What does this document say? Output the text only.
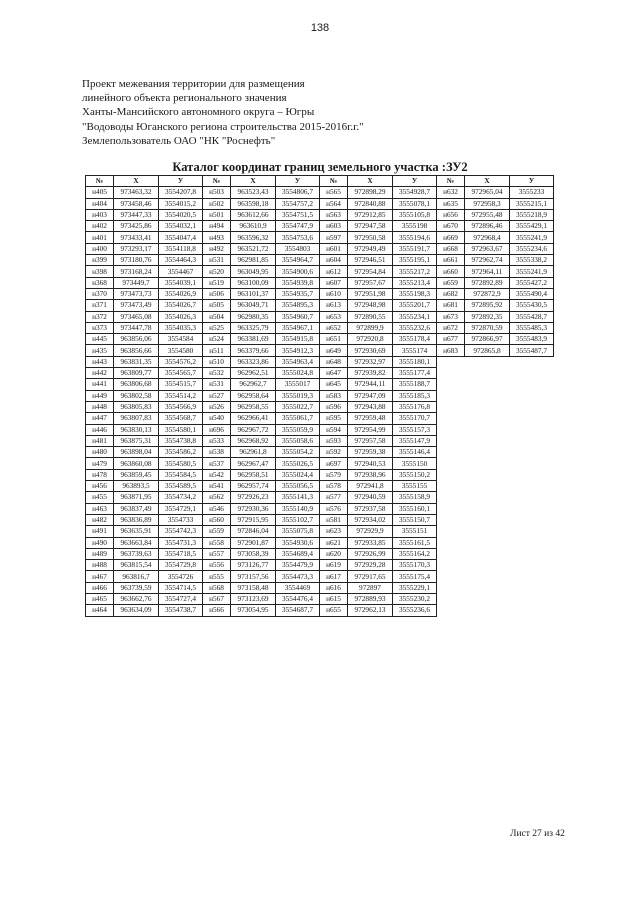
138
Проект межевания территории для размещения
линейного объекта регионального значения
Ханты-Мансийского автономного округа – Югры
"Водоводы Юганского региона строительства 2015-2016г.г."
Землепользователь ОАО "НК "Роснефть"
Каталог координат границ земельного участка :ЗУ2
№	X	У	№	X	У	№	X	У	№	X	У
н405	973463,32	3554207,8	н503	963523,43	3554806,7	н565	972898,29	3554928,7	н632	972965,04	3555233
н404	973458,46	3554015,2	н502	963598,18	3554757,2	н564	972840,88	3555078,1	н635	972958,3	3555215,1
н403	973447,33	3554020,5	н501	963612,66	3554751,5	н563	972912,85	3555105,8	н656	972955,48	3555218,9
н402	973425,86	3554032,1	н494	963610,9	3554747,9	н603	972947,58	3555198	н670	972896,46	3555429,1
н401	973433,41	3554047,4	н493	963596,32	3554753,6	н597	972950,58	3555194,6	н669	972968,4	3555241,9
н400	973293,17	3554118,8	н492	963521,72	3554803	н601	972949,49	3555191,7	н668	972963,67	3555234,6
н399	973180,76	3554464,3	н531	962981,85	3554964,7	н604	972946,51	3555195,1	н661	972962,74	3555338,2
н398	973168,24	3554467	н520	963049,95	3554900,6	н612	972954,84	3555217,2	н660	972964,11	3555241,9
н368	973449,7	3554039,1	н519	963100,09	3554939,8	н607	972957,67	3555213,4	н659	972892,89	3555427,2
н370	973473,73	3554026,9	н506	963101,37	3554935,7	н610	972951,98	3555198,3	н682	972872,9	3555490,4
н371	973473,49	3554026,7	н505	963049,71	3554895,3	н613	972948,98	3555201,7	н681	972895,92	3555430,5
н372	973465,08	3554026,3	н504	962980,35	3554960,7	н653	972890,55	3555234,1	н673	972892,35	3555428,7
н373	973447,78	3554035,3	н525	963325,79	3554967,1	н652	972899,9	3555232,6	н672	972870,59	3555485,3
н445	963856,06	3554584	н524	963381,69	3554915,8	н651	972920,8	3555178,4	н677	972866,97	3555483,9
н435	963856,66	3554580	н511	963379,66	3554912,3	н649	972930,69	3555174	н683	972865,8	3555487,7
н443	963831,35	3554576,2	н510	963323,86	3554963,4	н648	972932,97	3555180,1			
н442	963809,77	3554565,7	н532	962962,51	3555024,8	н647	972939,82	3555177,4			
н441	963806,68	3554515,7	н531	962962,7	3555017	н645	972944,11	3555188,7			
н449	963802,58	3554514,2	н527	962958,64	3555019,3	н583	972947,09	3555185,3			
н448	963805,83	3554566,9	н526	962958,55	3555022,7	н596	972943,88	3555176,8			
н447	963807,83	3554568,7	н540	962966,41	3555061,7	н595	972959,48	3555170,7			
н446	963830,13	3554580,1	н696	962967,72	3555059,9	н594	972954,99	3555157,3			
н481	963875,31	3554738,8	н533	962968,92	3555058,6	н593	972957,58	3555147,9			
н480	963898,04	3554586,2	н538	962961,8	3555054,2	н592	972959,38	3555146,4			
н479	963860,08	3554580,5	н537	962967,47	3555026,5	н697	972940,53	3555150			
н478	963859,45	3554584,5	н542	962958,51	3555024,4	н579	972938,96	3555150,2			
н456	963893,5	3554589,5	н541	962957,74	3555056,5	н578	972941,8	3555155			
н455	963871,95	3554734,2	н562	972926,23	3555141,3	н577	972940,59	3555158,9			
н463	963837,49	3554729,1	н546	972930,36	3555140,9	н576	972937,58	3555160,1			
н482	963836,89	3554733	н560	972915,95	3555102,7	н581	972934,02	3555150,7			
н491	963635,91	3554742,3	н559	972846,04	3555075,8	н623	972929,9	3555151			
н490	963663,84	3554731,3	н558	972901,87	3554930,6	н621	972933,85	3555161,5			
н489	963739,63	3554718,5	н557	973058,39	3554689,4	н620	972926,99	3555164,2			
н488	963815,54	3554729,8	н556	973126,77	3554479,9	н619	972929,28	3555170,3			
н467	963816,7	3554726	н555	973157,56	3554473,3	н617	972917,65	3555175,4			
н466	963739,59	3554714,5	н568	973158,48	3554469	н616	972897	3555229,1			
н465	963662,76	3554727,4	н567	973123,69	3554476,4	н615	972889,93	3555230,2			
н464	963634,09	3554738,7	н566	973054,95	3554687,7	н655	972962,13	3555236,6			
Лист 27 из 42
